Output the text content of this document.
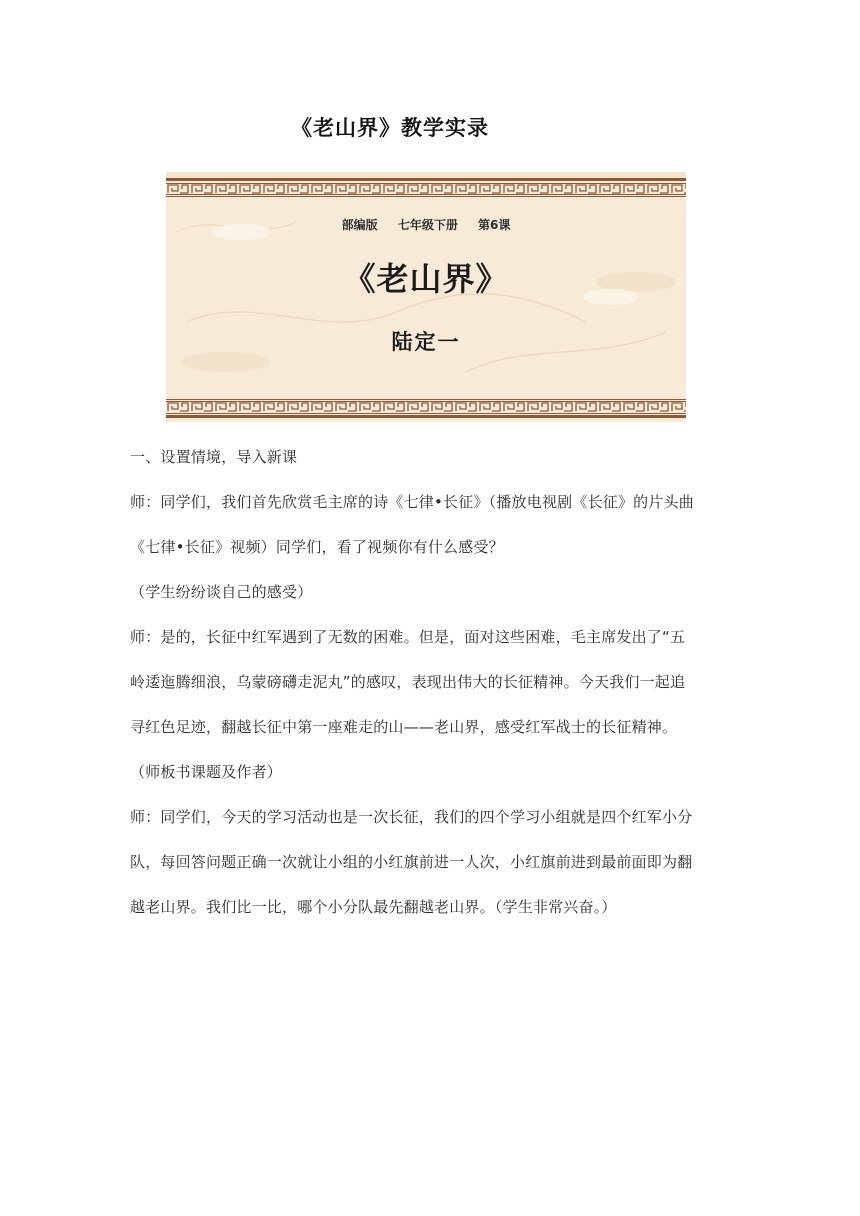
《老山界》教学实录
部编版 七年级下册 第6课
《老山界》
陆定一
一、设置情境，导入新课
师：同学们，我们首先欣赏毛主席的诗《七律•长征》（播放电视剧《长征》的片头曲
《七律•长征》视频）同学们，看了视频你有什么感受？
（学生纷纷谈自己的感受）
师：是的，长征中红军遇到了无数的困难。但是，面对这些困难，毛主席发出了“五
岭逶迤腾细浪，乌蒙磅礴走泥丸”的感叹，表现出伟大的长征精神。今天我们一起追
寻红色足迹，翻越长征中第一座难走的山——老山界，感受红军战士的长征精神。
（师板书课题及作者）
师：同学们，今天的学习活动也是一次长征，我们的四个学习小组就是四个红军小分
队，每回答问题正确一次就让小组的小红旗前进一人次，小红旗前进到最前面即为翻
越老山界。我们比一比，哪个小分队最先翻越老山界。（学生非常兴奋。）
